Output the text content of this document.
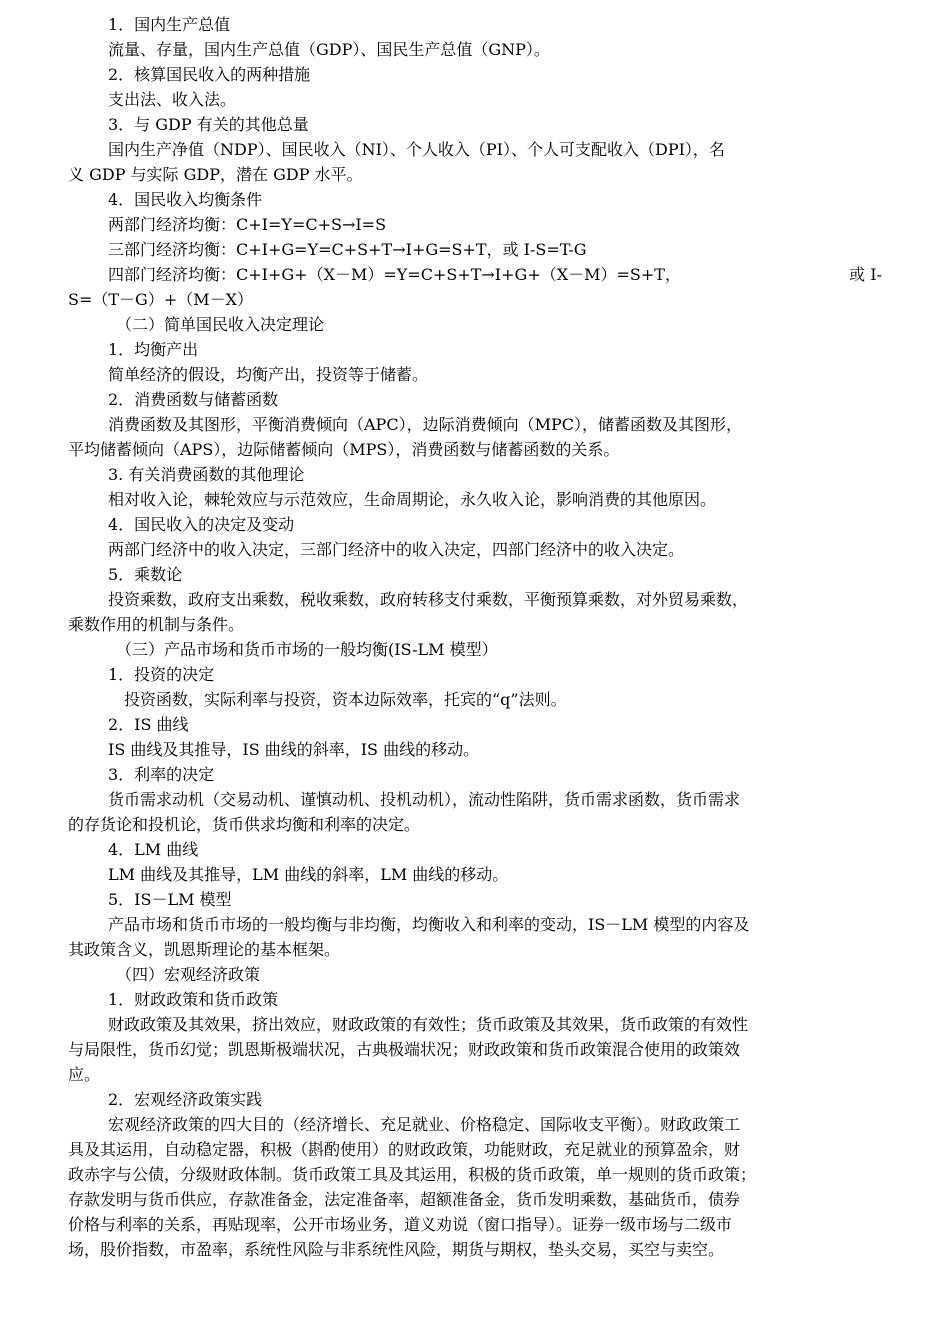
1．国内生产总值
流量、存量，国内生产总值（GDP）、国民生产总值（GNP）。
2．核算国民收入的两种措施
支出法、收入法。
3．与 GDP 有关的其他总量
国内生产净值（NDP）、国民收入（NI）、个人收入（PI）、个人可支配收入（DPI），名
义 GDP 与实际 GDP，潜在 GDP 水平。
4．国民收入均衡条件
两部门经济均衡：C+I=Y=C+S→I=S
三部门经济均衡：C+I+G=Y=C+S+T→I+G=S+T，或 I-S=T-G
四部门经济均衡：C+I+G+（X－M）=Y=C+S+T→I+G+（X－M）=S+T，	或 I-
S=（T－G）+（M－X）
（二）简单国民收入决定理论
1．均衡产出
简单经济的假设，均衡产出，投资等于储蓄。
2．消费函数与储蓄函数
消费函数及其图形，平衡消费倾向（APC），边际消费倾向（MPC），储蓄函数及其图形，
平均储蓄倾向（APS），边际储蓄倾向（MPS），消费函数与储蓄函数的关系。
3. 有关消费函数的其他理论
相对收入论，棘轮效应与示范效应，生命周期论，永久收入论，影响消费的其他原因。
4．国民收入的决定及变动
两部门经济中的收入决定，三部门经济中的收入决定，四部门经济中的收入决定。
5．乘数论
投资乘数，政府支出乘数，税收乘数，政府转移支付乘数，平衡预算乘数，对外贸易乘数，
乘数作用的机制与条件。
（三）产品市场和货币市场的一般均衡(IS-LM 模型）
1．投资的决定
投资函数，实际利率与投资，资本边际效率，托宾的“q”法则。
2．IS 曲线
IS 曲线及其推导，IS 曲线的斜率，IS 曲线的移动。
3．利率的决定
货币需求动机（交易动机、谨慎动机、投机动机），流动性陷阱，货币需求函数，货币需求
的存货论和投机论，货币供求均衡和利率的决定。
4．LM 曲线
LM 曲线及其推导，LM 曲线的斜率，LM 曲线的移动。
5．IS－LM 模型
产品市场和货币市场的一般均衡与非均衡，均衡收入和利率的变动，IS－LM 模型的内容及
其政策含义，凯恩斯理论的基本框架。
（四）宏观经济政策
1．财政政策和货币政策
财政政策及其效果，挤出效应，财政政策的有效性；货币政策及其效果，货币政策的有效性
与局限性，货币幻觉；凯恩斯极端状况，古典极端状况；财政政策和货币政策混合使用的政策效
应。
2．宏观经济政策实践
宏观经济政策的四大目的（经济增长、充足就业、价格稳定、国际收支平衡）。财政政策工
具及其运用，自动稳定器，积极（斟酌使用）的财政政策，功能财政，充足就业的预算盈余，财
政赤字与公债，分级财政体制。货币政策工具及其运用，积极的货币政策，单一规则的货币政策；
存款发明与货币供应，存款准备金，法定准备率，超额准备金，货币发明乘数，基础货币，债券
价格与利率的关系，再贴现率，公开市场业务，道义劝说（窗口指导）。证券一级市场与二级市
场，股价指数，市盈率，系统性风险与非系统性风险，期货与期权，垫头交易，买空与卖空。
